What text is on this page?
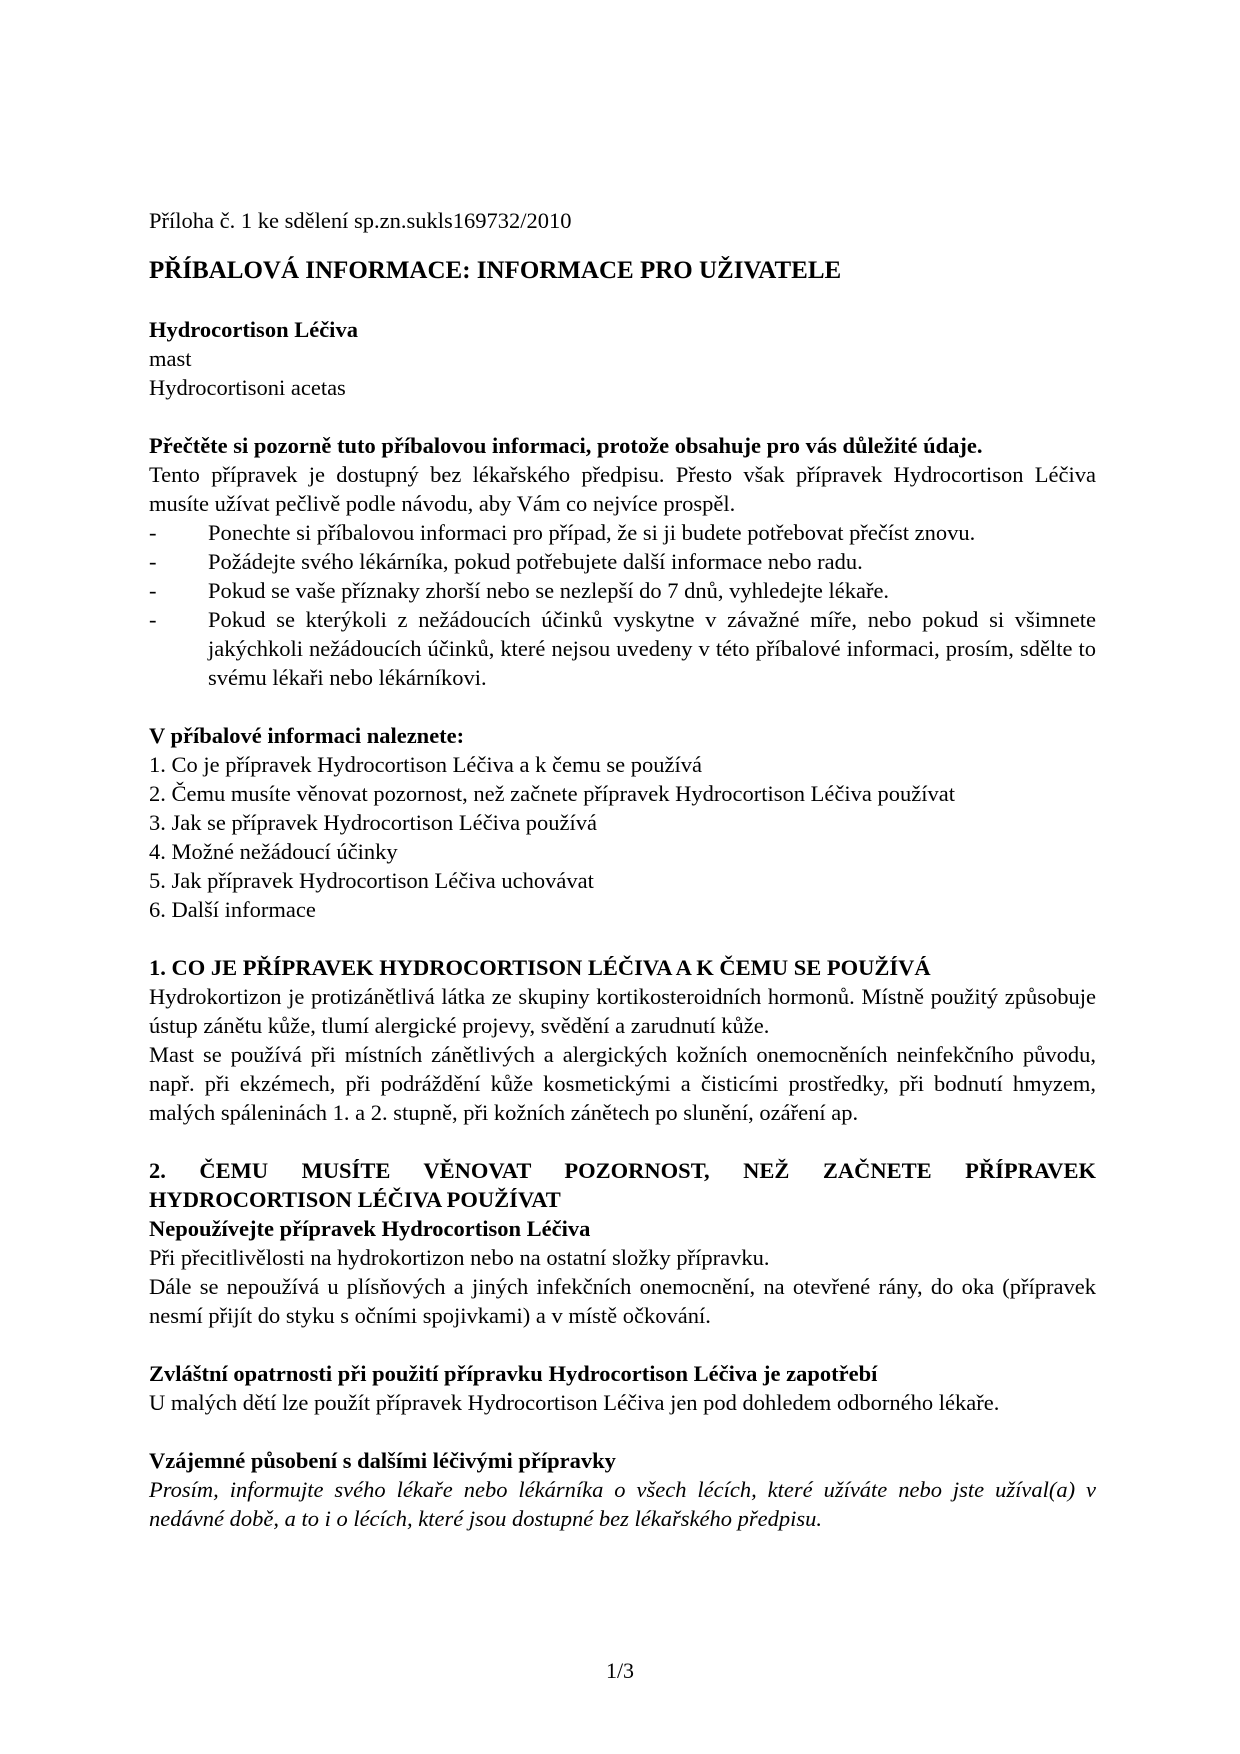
Příloha č. 1 ke sdělení sp.zn.sukls169732/2010

PŘÍBALOVÁ INFORMACE: INFORMACE PRO UŽIVATELE

Hydrocortison Léčiva

mast

Hydrocortisoni acetas

Přečtěte si pozorně tuto příbalovou informaci, protože obsahuje pro vás důležité údaje.

Tento přípravek je dostupný bez lékařského předpisu. Přesto však přípravek Hydrocortison Léčiva musíte užívat pečlivě podle návodu, aby Vám co nejvíce prospěl.

- Ponechte si příbalovou informaci pro případ, že si ji budete potřebovat přečíst znovu.
- Požádejte svého lékárníka, pokud potřebujete další informace nebo radu.
- Pokud se vaše příznaky zhorší nebo se nezlepší do 7 dnů, vyhledejte lékaře.
- Pokud se kterýkoli z nežádoucích účinků vyskytne v závažné míře, nebo pokud si všimnete jakýchkoli nežádoucích účinků, které nejsou uvedeny v této příbalové informaci, prosím, sdělte to svému lékaři nebo lékárníkovi.

V příbalové informaci naleznete:

1. Co je přípravek Hydrocortison Léčiva a k čemu se používá
2. Čemu musíte věnovat pozornost, než začnete přípravek Hydrocortison Léčiva používat
3. Jak se přípravek Hydrocortison Léčiva používá
4. Možné nežádoucí účinky
5. Jak přípravek Hydrocortison Léčiva uchovávat
6. Další informace

1. CO JE PŘÍPRAVEK HYDROCORTISON LÉČIVA A K ČEMU SE POUŽÍVÁ

Hydrokortizon je protizánětlivá látka ze skupiny kortikosteroidních hormonů. Místně použitý způsobuje ústup zánětu kůže, tlumí alergické projevy, svědění a zarudnutí kůže.

Mast se používá při místních zánětlivých a alergických kožních onemocněních neinfekčního původu, např. při ekzémech, při podráždění kůže kosmetickými a čisticími prostředky, při bodnutí hmyzem, malých spáleninách 1. a 2. stupně, při kožních zánětech po slunění, ozáření ap.

2. ČEMU MUSÍTE VĚNOVAT POZORNOST, NEŽ ZAČNETE PŘÍPRAVEK HYDROCORTISON LÉČIVA POUŽÍVAT

Nepoužívejte přípravek Hydrocortison Léčiva

Při přecitlivělosti na hydrokortizon nebo na ostatní složky přípravku.

Dále se nepoužívá u plísňových a jiných infekčních onemocnění, na otevřené rány, do oka (přípravek nesmí přijít do styku s očními spojivkami) a v místě očkování.

Zvláštní opatrnosti při použití přípravku Hydrocortison Léčiva je zapotřebí

U malých dětí lze použít přípravek Hydrocortison Léčiva jen pod dohledem odborného lékaře.

Vzájemné působení s dalšími léčivými přípravky

Prosím, informujte svého lékaře nebo lékárníka o všech lécích, které užíváte nebo jste užíval(a) v nedávné době, a to i o lécích, které jsou dostupné bez lékařského předpisu.

1/3
